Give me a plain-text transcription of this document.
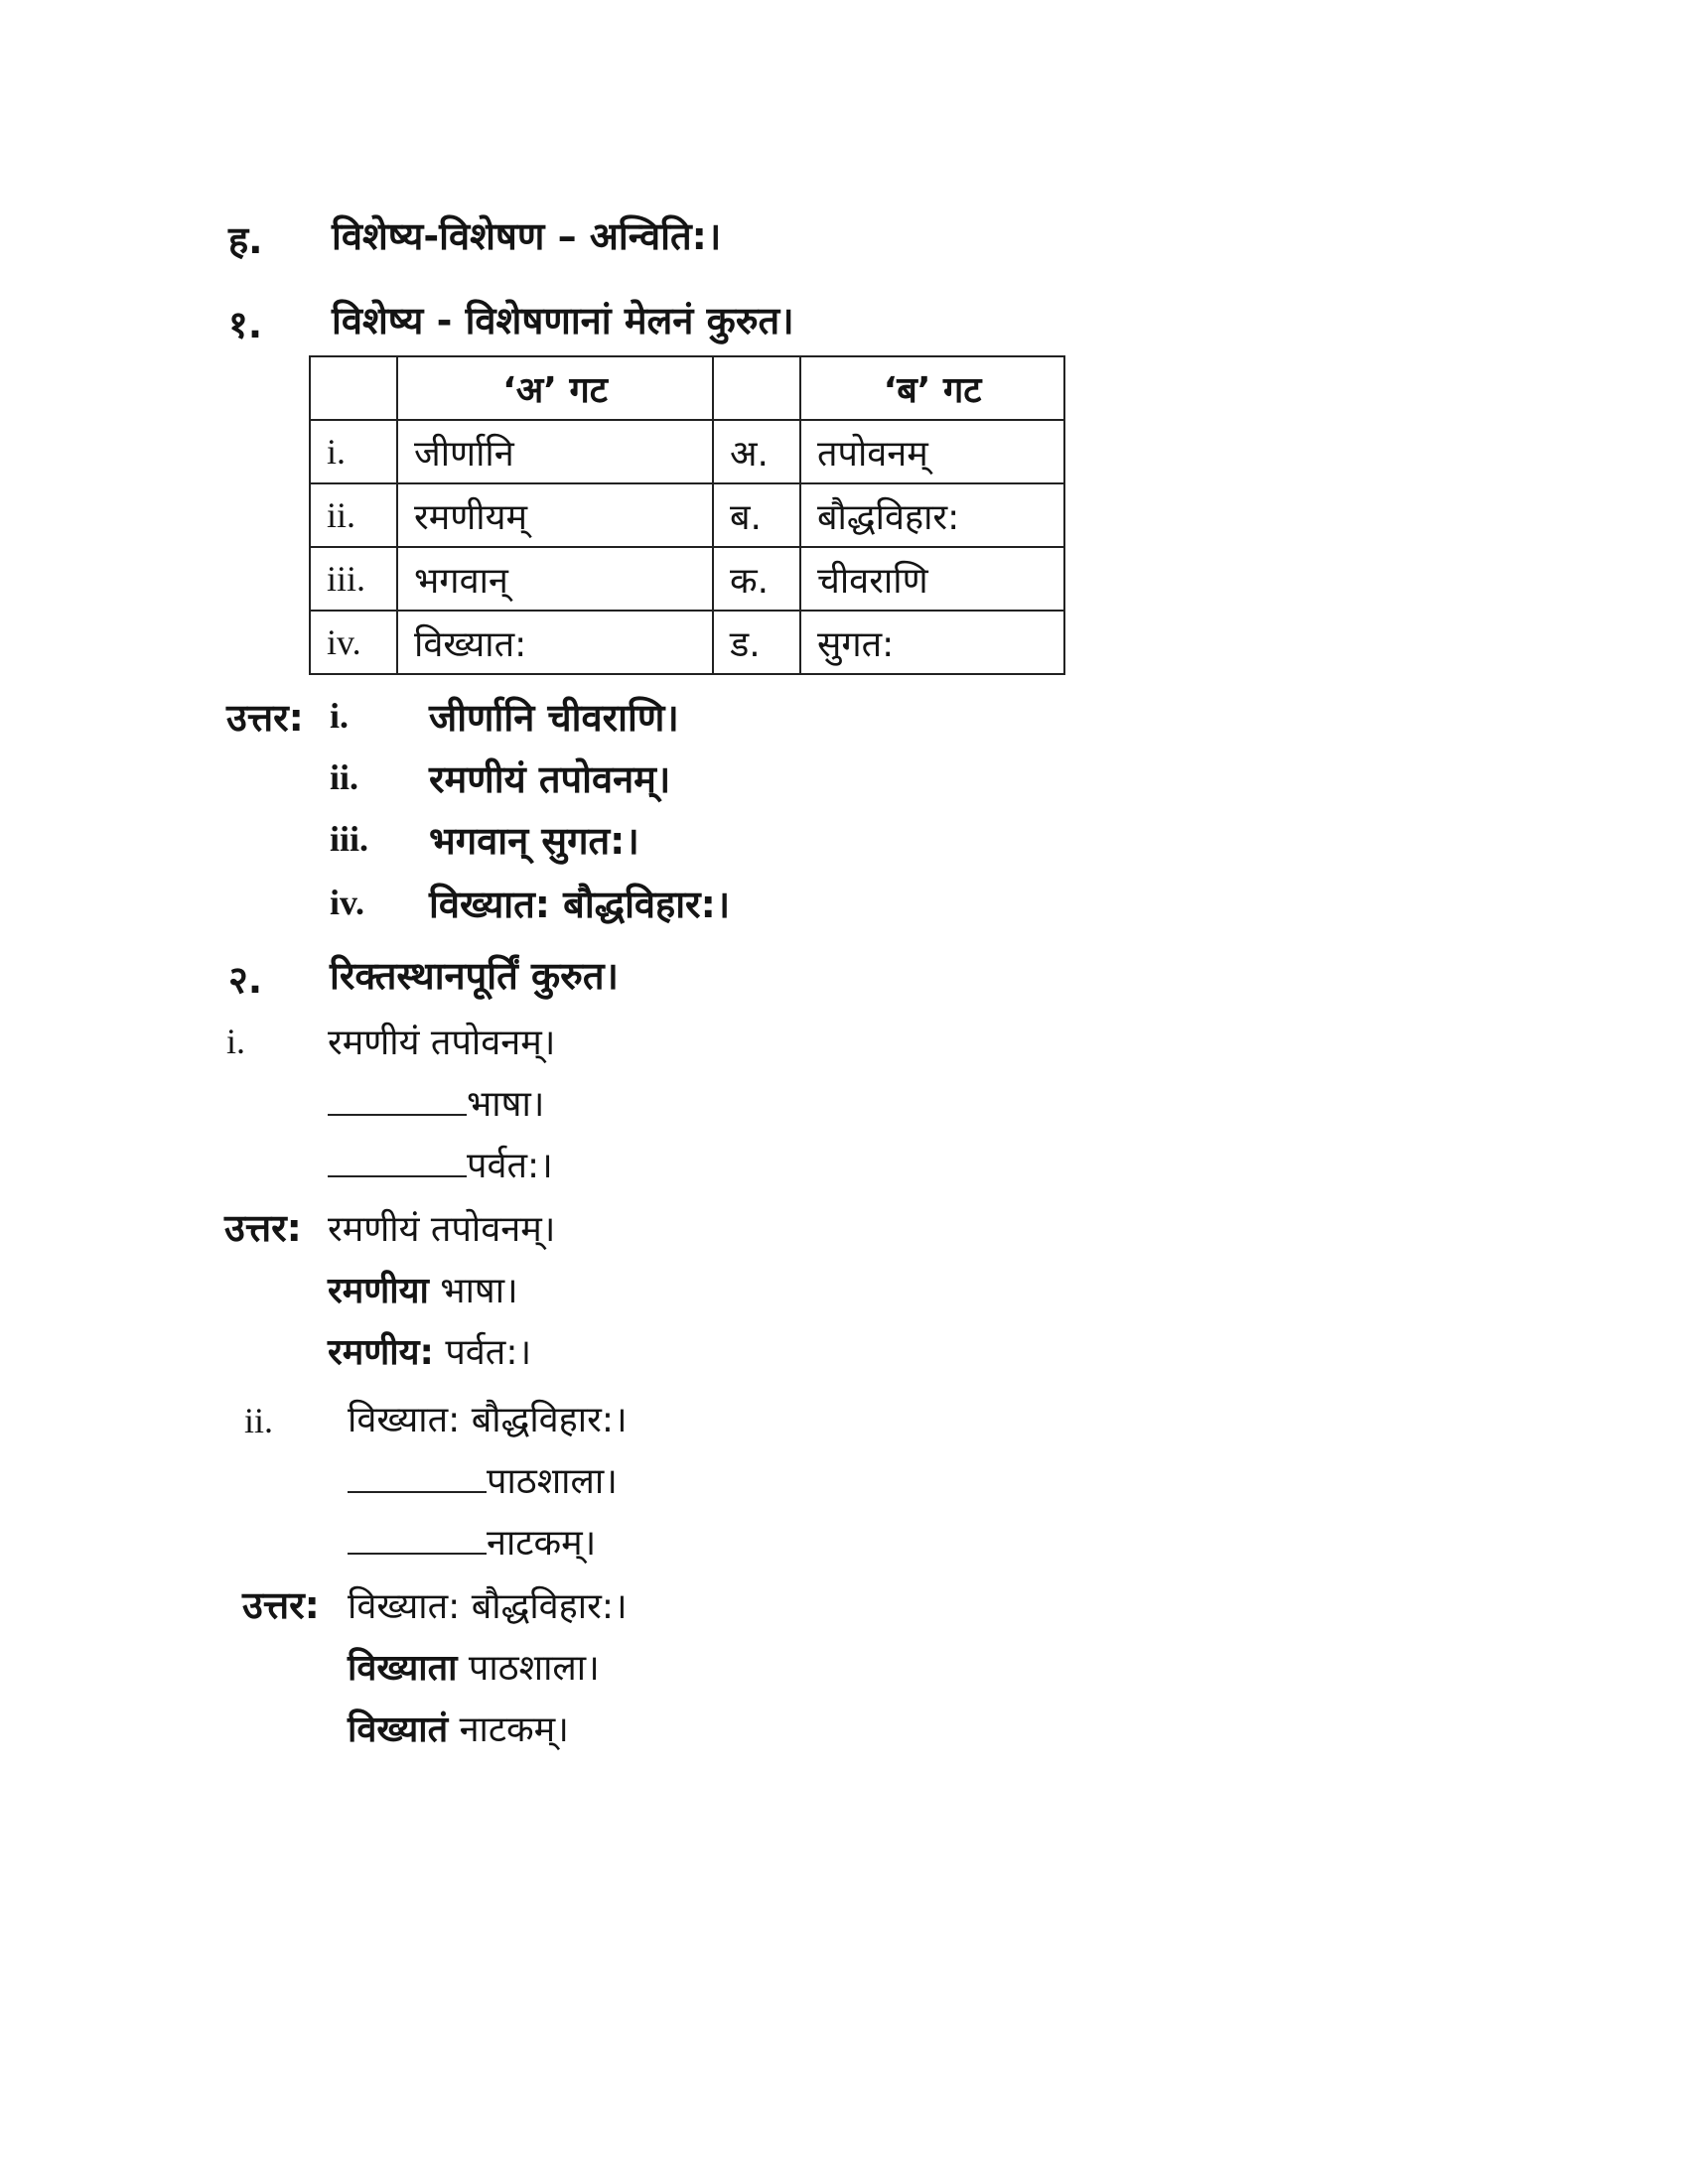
ह. विशेष्य-विशेषण – अन्विति:।
१. विशेष्य - विशेषणानां मेलनं कुरुत।
	‘अ’ गट		‘ब’ गट
i.	जीर्णानि	अ.	तपोवनम्
ii.	रमणीयम्	ब.	बौद्धविहार:
iii.	भगवान्	क.	चीवराणि
iv.	विख्यात:	ड.	सुगत:
उत्तर: i. जीर्णानि चीवराणि।
ii. रमणीयं तपोवनम्।
iii. भगवान् सुगत:।
iv. विख्यात: बौद्धविहार:।
२. रिक्तस्थानपूर्तिं कुरुत।
i. रमणीयं तपोवनम्।
भाषा।
पर्वत:।
उत्तर: रमणीयं तपोवनम्।
रमणीया भाषा।
रमणीय: पर्वत:।
ii. विख्यात: बौद्धविहार:।
पाठशाला।
नाटकम्।
उत्तर: विख्यात: बौद्धविहार:।
विख्याता पाठशाला।
विख्यातं नाटकम्।
